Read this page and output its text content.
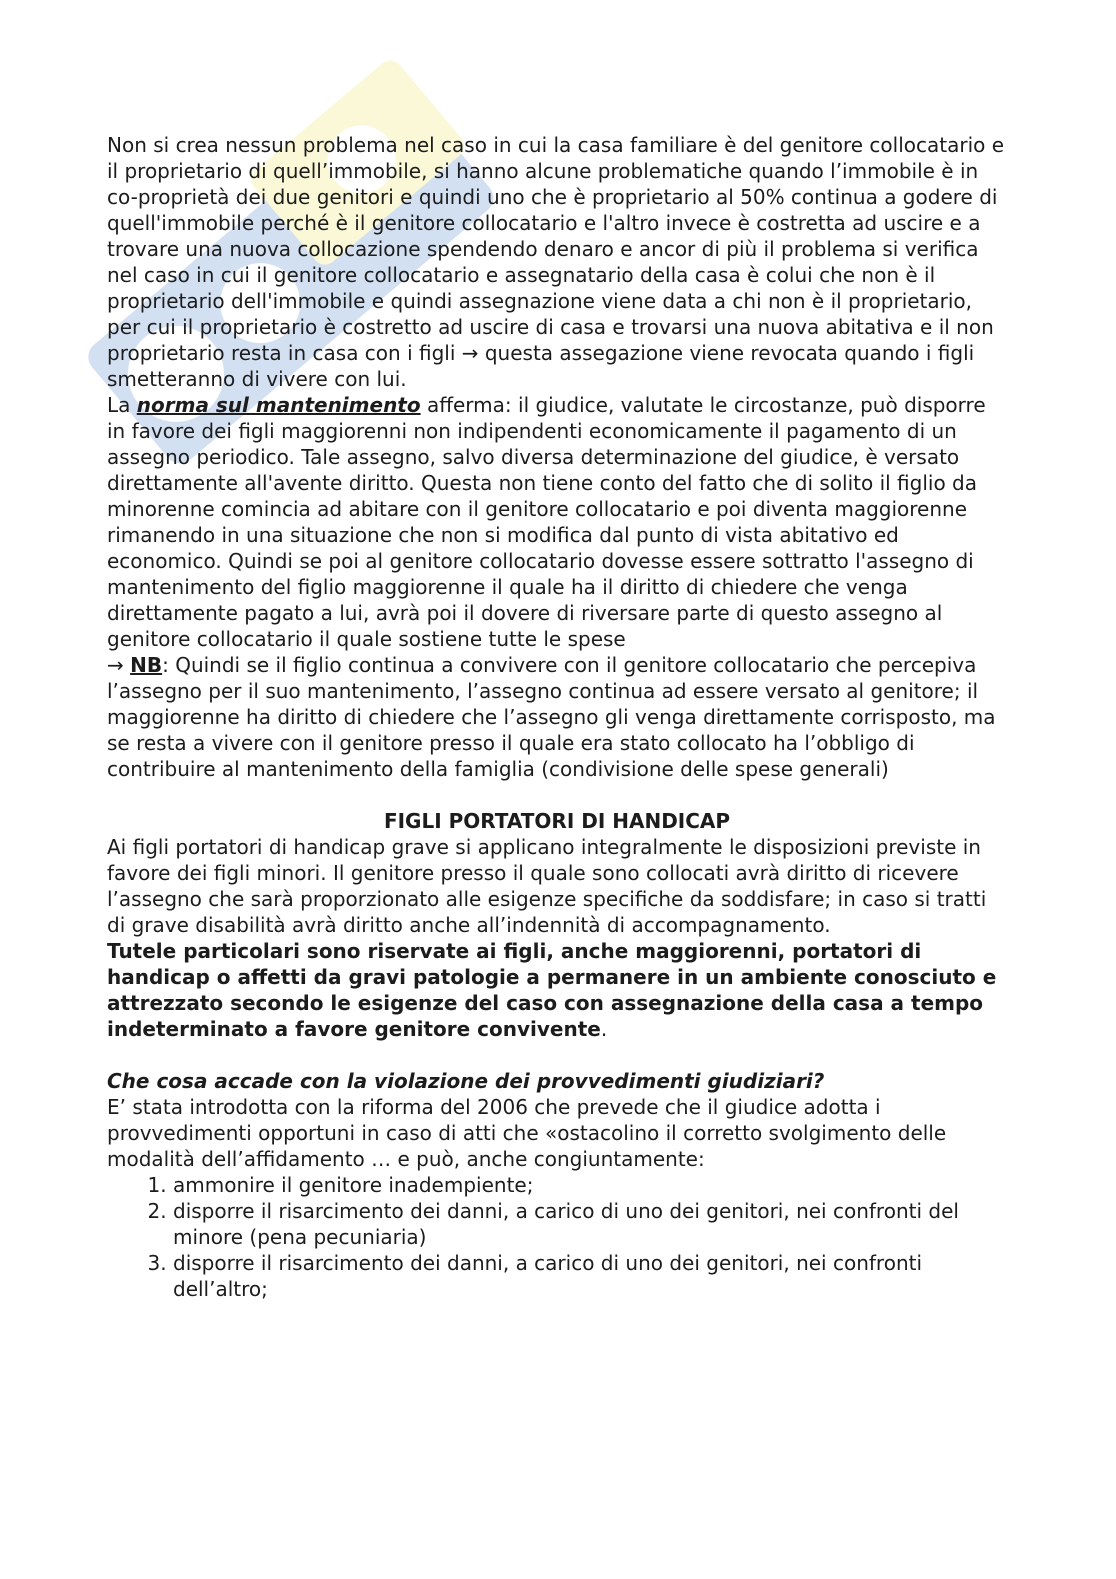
Non si crea nessun problema nel caso in cui la casa familiare è del genitore collocatario e il proprietario di quell’immobile, si hanno alcune problematiche quando l’immobile è in co-proprietà dei due genitori e quindi uno che è proprietario al 50% continua a godere di quell'immobile perché è il genitore collocatario e l'altro invece è costretta ad uscire e a trovare una nuova collocazione spendendo denaro e ancor di più il problema si verifica nel caso in cui il genitore collocatario e assegnatario della casa è colui che non è il proprietario dell'immobile e quindi assegnazione viene data a chi non è il proprietario, per cui il proprietario è costretto ad uscire di casa e trovarsi una nuova abitativa e il non proprietario resta in casa con i figli → questa assegazione viene revocata quando i figli smetteranno di vivere con lui.

La norma sul mantenimento afferma: il giudice, valutate le circostanze, può disporre in favore dei figli maggiorenni non indipendenti economicamente il pagamento di un assegno periodico. Tale assegno, salvo diversa determinazione del giudice, è versato direttamente all'avente diritto. Questa non tiene conto del fatto che di solito il figlio da minorenne comincia ad abitare con il genitore collocatario e poi diventa maggiorenne rimanendo in una situazione che non si modifica dal punto di vista abitativo ed economico. Quindi se poi al genitore collocatario dovesse essere sottratto l'assegno di mantenimento del figlio maggiorenne il quale ha il diritto di chiedere che venga direttamente pagato a lui, avrà poi il dovere di riversare parte di questo assegno al genitore collocatario il quale sostiene tutte le spese

→ NB: Quindi se il figlio continua a convivere con il genitore collocatario che percepiva l’assegno per il suo mantenimento, l’assegno continua ad essere versato al genitore; il maggiorenne ha diritto di chiedere che l’assegno gli venga direttamente corrisposto, ma se resta a vivere con il genitore presso il quale era stato collocato ha l’obbligo di contribuire al mantenimento della famiglia (condivisione delle spese generali)

FIGLI PORTATORI DI HANDICAP

Ai figli portatori di handicap grave si applicano integralmente le disposizioni previste in favore dei figli minori. Il genitore presso il quale sono collocati avrà diritto di ricevere l’assegno che sarà proporzionato alle esigenze specifiche da soddisfare; in caso si tratti di grave disabilità avrà diritto anche all’indennità di accompagnamento.

Tutele particolari sono riservate ai figli, anche maggiorenni, portatori di handicap o affetti da gravi patologie a permanere in un ambiente conosciuto e attrezzato secondo le esigenze del caso con assegnazione della casa a tempo indeterminato a favore genitore convivente.

Che cosa accade con la violazione dei provvedimenti giudiziari?

E’ stata introdotta con la riforma del 2006 che prevede che il giudice adotta i provvedimenti opportuni in caso di atti che «ostacolino il corretto svolgimento delle modalità dell’affidamento … e può, anche congiuntamente:

1. ammonire il genitore inadempiente;
2. disporre il risarcimento dei danni, a carico di uno dei genitori, nei confronti del minore (pena pecuniaria)
3. disporre il risarcimento dei danni, a carico di uno dei genitori, nei confronti dell’altro;
